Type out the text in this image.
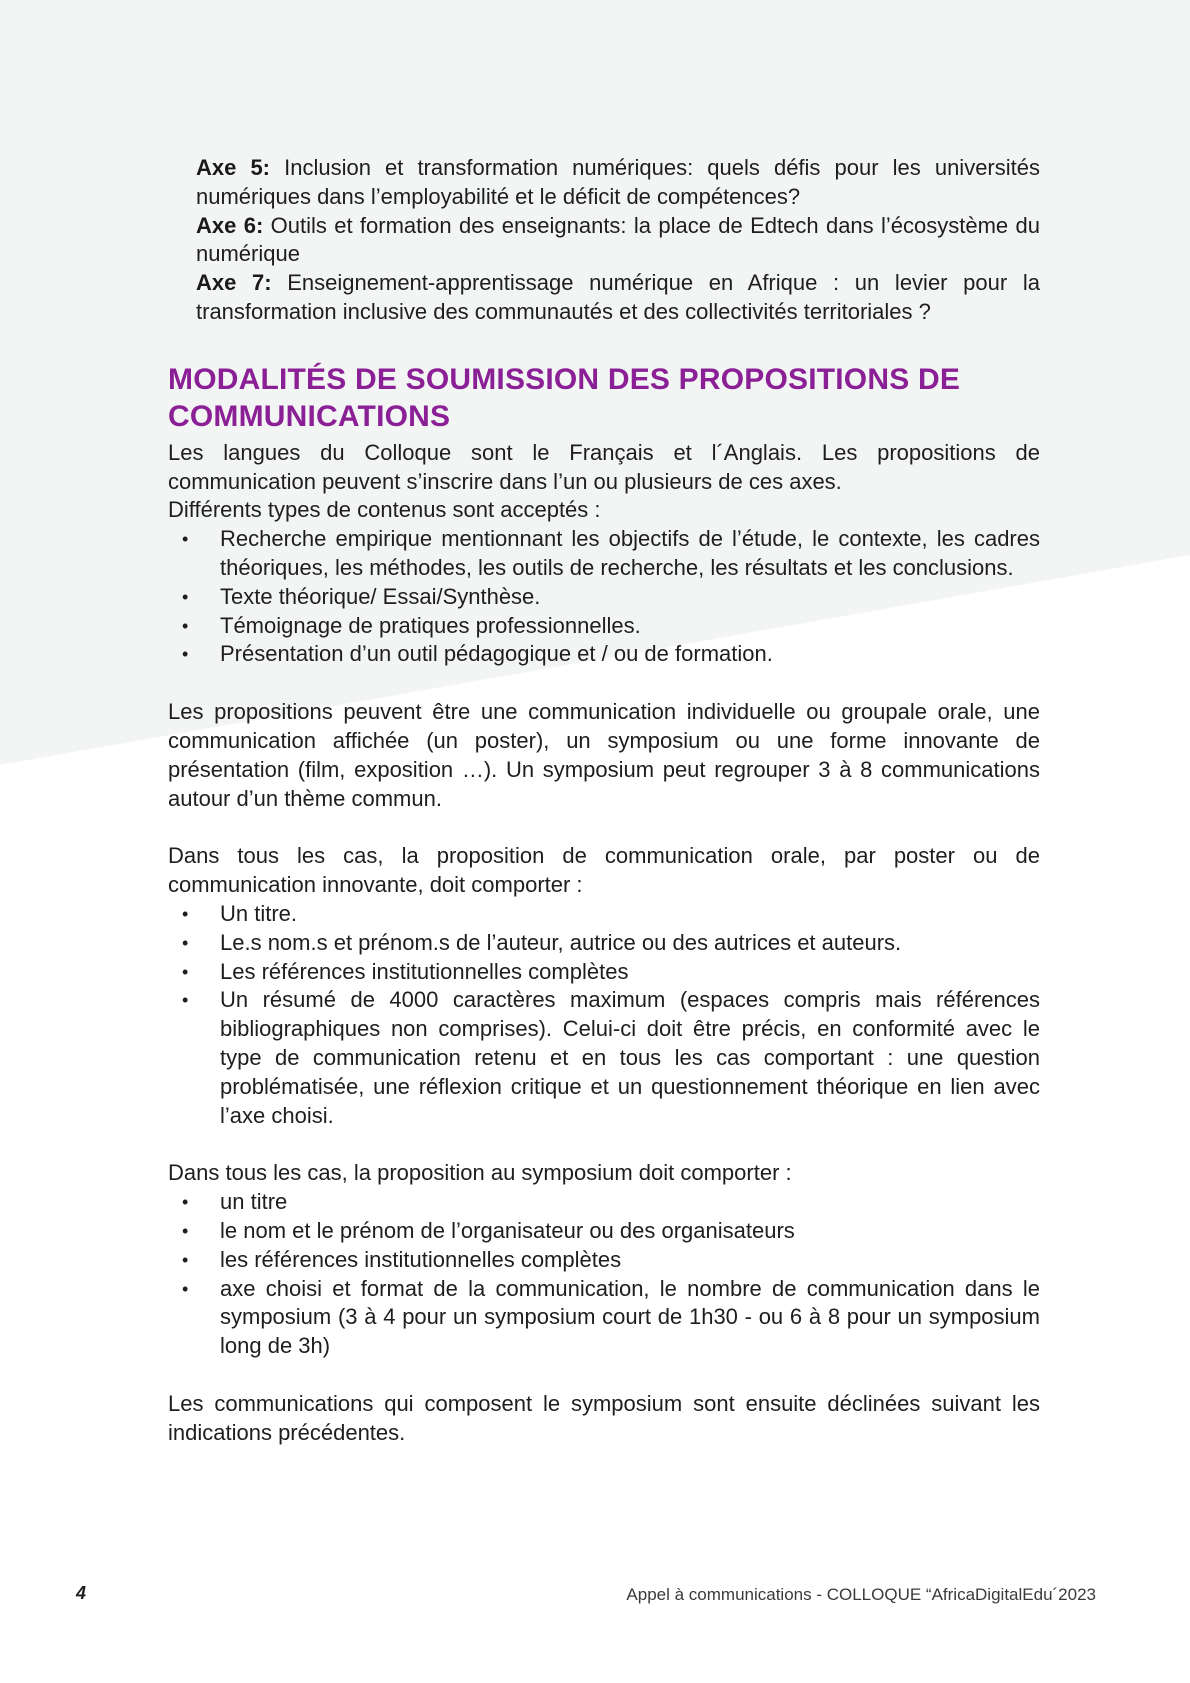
Axe 5: Inclusion et transformation numériques: quels défis pour les universités numériques dans l’employabilité et le déficit de compétences?

Axe 6: Outils et formation des enseignants: la place de Edtech dans l’écosystème du numérique

Axe 7: Enseignement-apprentissage numérique en Afrique : un levier pour la transformation inclusive des communautés et des collectivités territoriales ?

MODALITÉS DE SOUMISSION DES PROPOSITIONS DE COMMUNICATIONS

Les langues du Colloque sont le Français et l´Anglais. Les propositions de communication peuvent s’inscrire dans l’un ou plusieurs de ces axes.

Différents types de contenus sont acceptés :

• Recherche empirique mentionnant les objectifs de l’étude, le contexte, les cadres théoriques, les méthodes, les outils de recherche, les résultats et les conclusions.
• Texte théorique/ Essai/Synthèse.
• Témoignage de pratiques professionnelles.
• Présentation d’un outil pédagogique et / ou de formation.

Les propositions peuvent être une communication individuelle ou groupale orale, une communication affichée (un poster), un symposium ou une forme innovante de présentation (film, exposition …). Un symposium peut regrouper 3 à 8 communications autour d’un thème commun.

Dans tous les cas, la proposition de communication orale, par poster ou de communication innovante, doit comporter :

• Un titre.
• Le.s nom.s et prénom.s de l’auteur, autrice ou des autrices et auteurs.
• Les références institutionnelles complètes
• Un résumé de 4000 caractères maximum (espaces compris mais références bibliographiques non comprises). Celui-ci doit être précis, en conformité avec le type de communication retenu et en tous les cas comportant : une question problématisée, une réflexion critique et un questionnement théorique en lien avec l’axe choisi.

Dans tous les cas, la proposition au symposium doit comporter :

• un titre
• le nom et le prénom de l’organisateur ou des organisateurs
• les références institutionnelles complètes
• axe choisi et format de la communication, le nombre de communication dans le symposium (3 à 4 pour un symposium court de 1h30 - ou 6 à 8 pour un symposium long de 3h)

Les communications qui composent le symposium sont ensuite déclinées suivant les indications précédentes.

4	Appel à communications - COLLOQUE “AfricaDigitalEdu´2023
